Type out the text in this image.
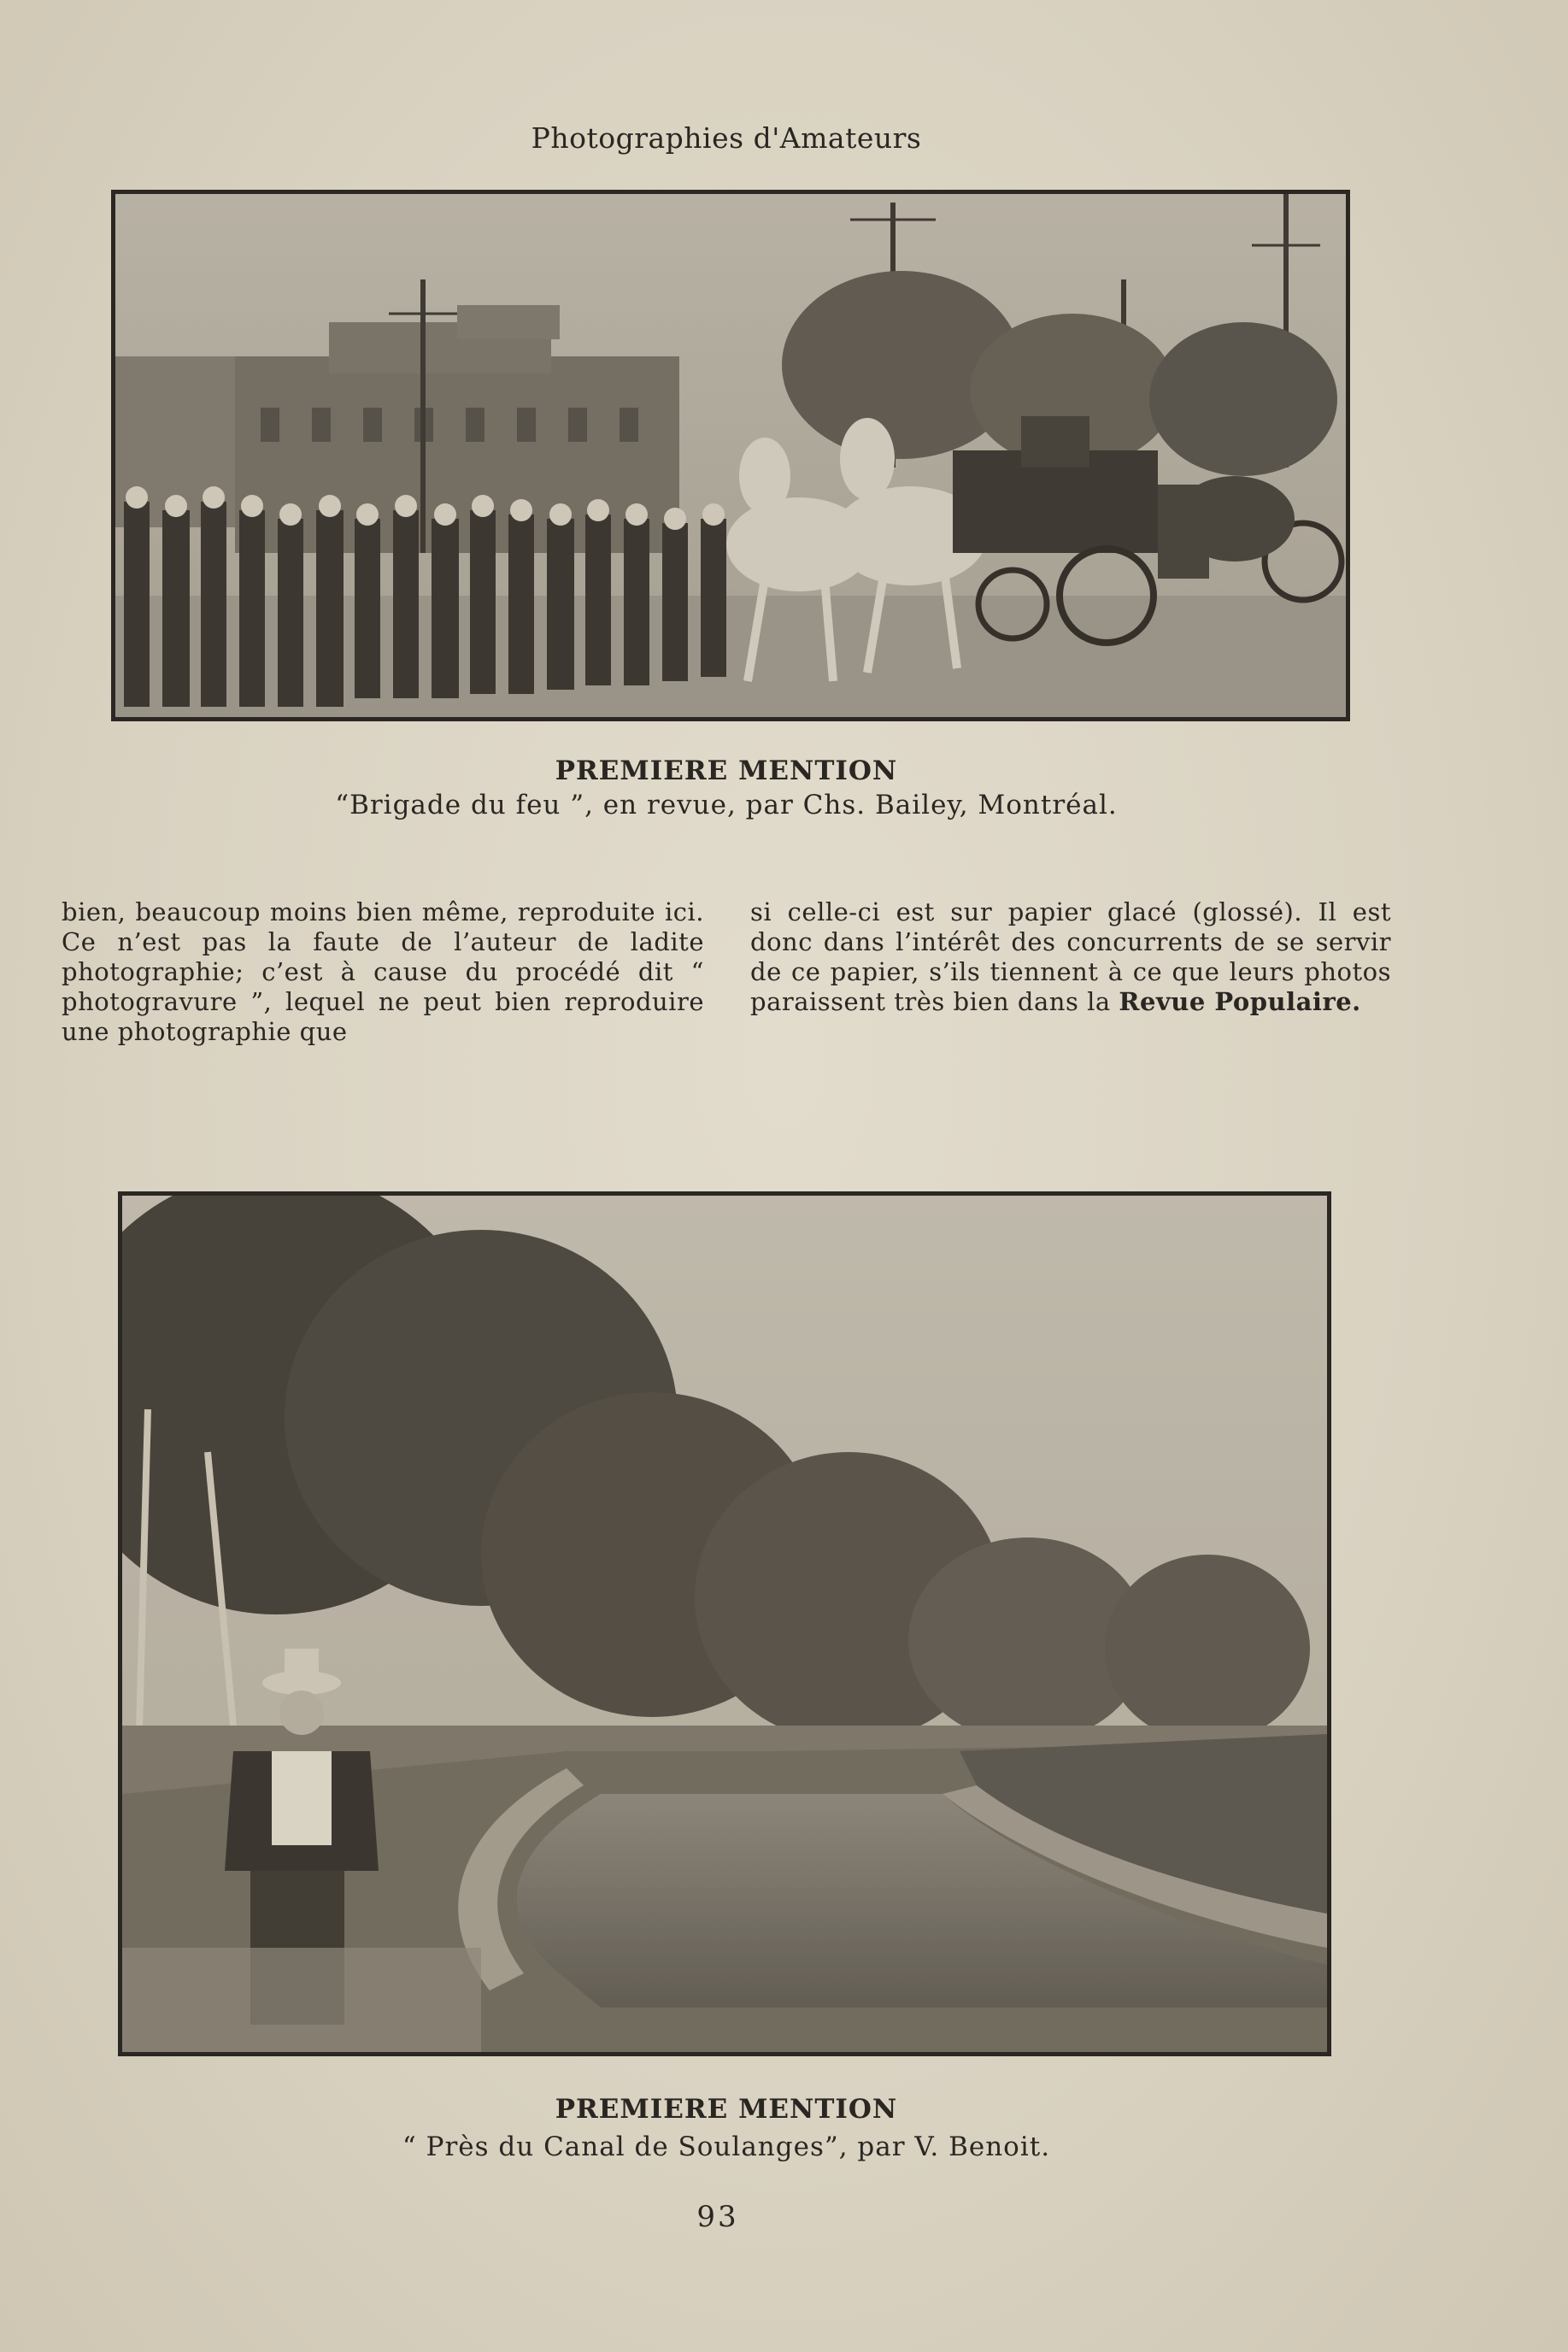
Photographies d'Amateurs
PREMIERE MENTION
“Brigade du feu ”, en revue, par Chs. Bailey, Montréal.
bien, beaucoup moins bien même, reproduite ici. Ce n’est pas la faute de l’auteur de ladite photographie; c’est à cause du procédé dit “ photogravure ”, lequel ne peut bien reproduire une photographie que
si celle-ci est sur papier glacé (glossé). Il est donc dans l’intérêt des concurrents de se servir de ce papier, s’ils tiennent à ce que leurs photos paraissent très bien dans la Revue Populaire.
PREMIERE MENTION
“ Près du Canal de Soulanges”, par V. Benoit.
93
